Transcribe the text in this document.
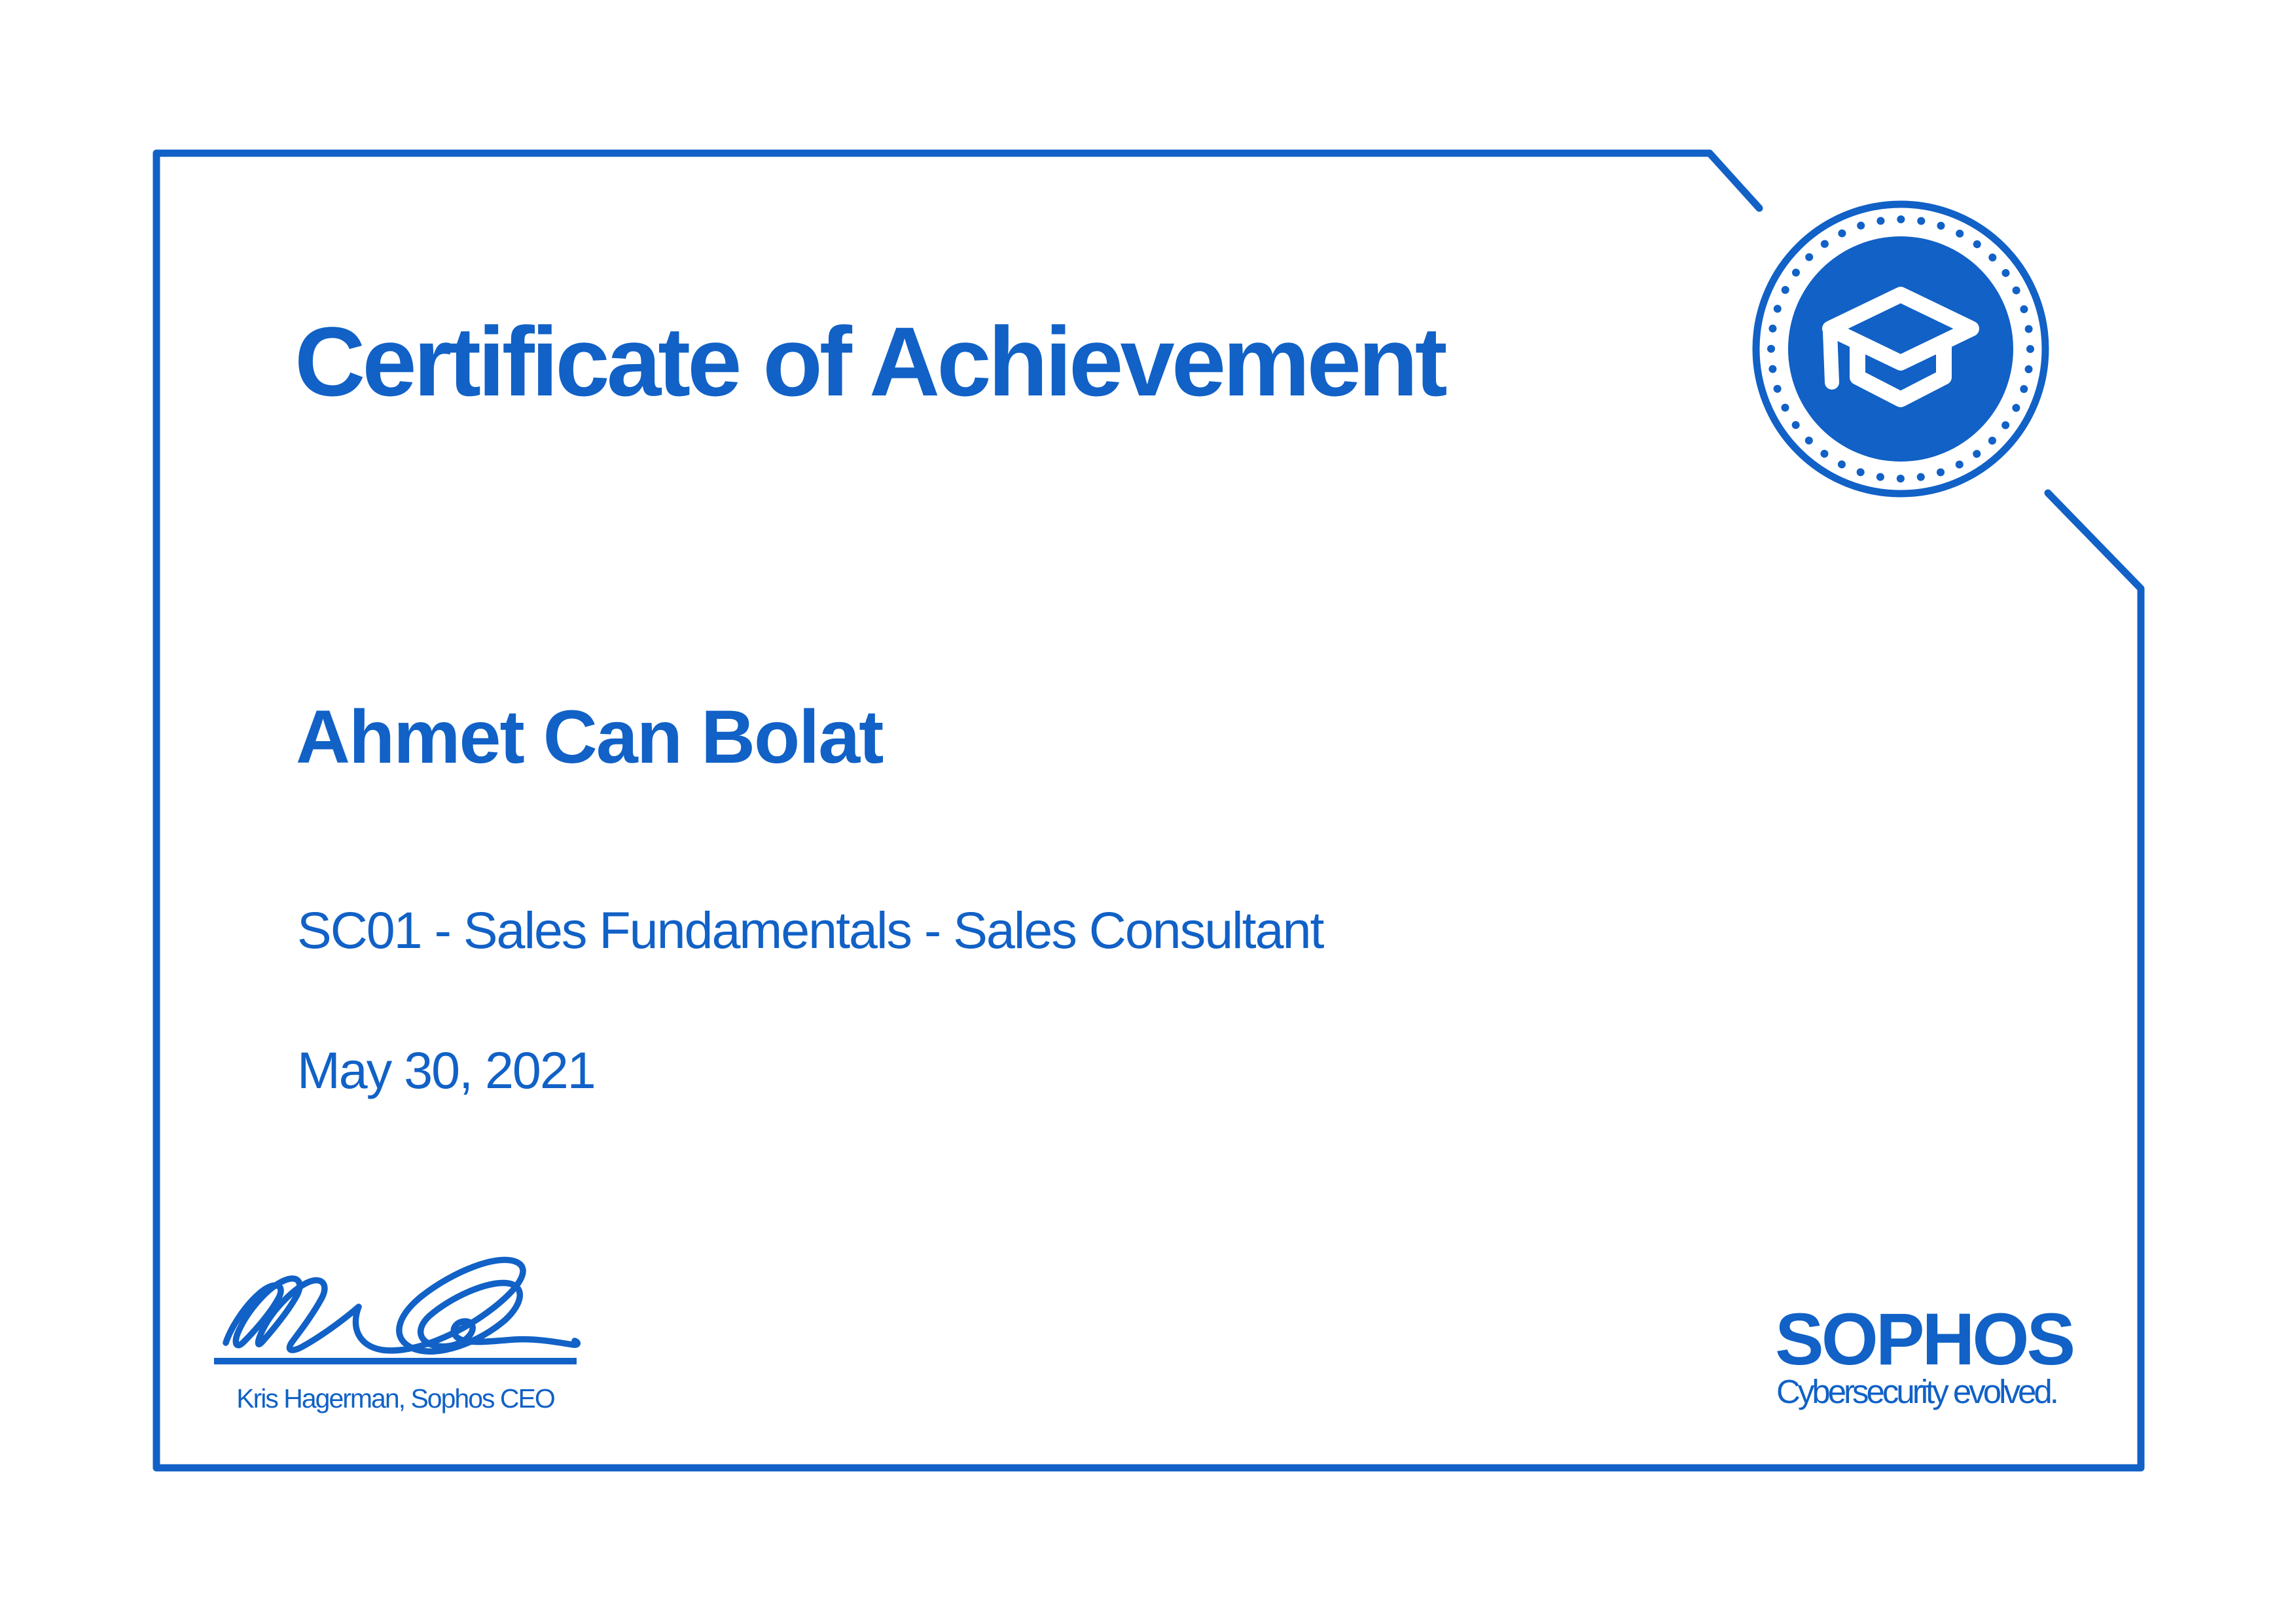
Certificate of Achievement
Ahmet Can Bolat
SC01 - Sales Fundamentals - Sales Consultant
May 30, 2021
Kris Hagerman, Sophos CEO
SOPHOS
Cybersecurity evolved.
